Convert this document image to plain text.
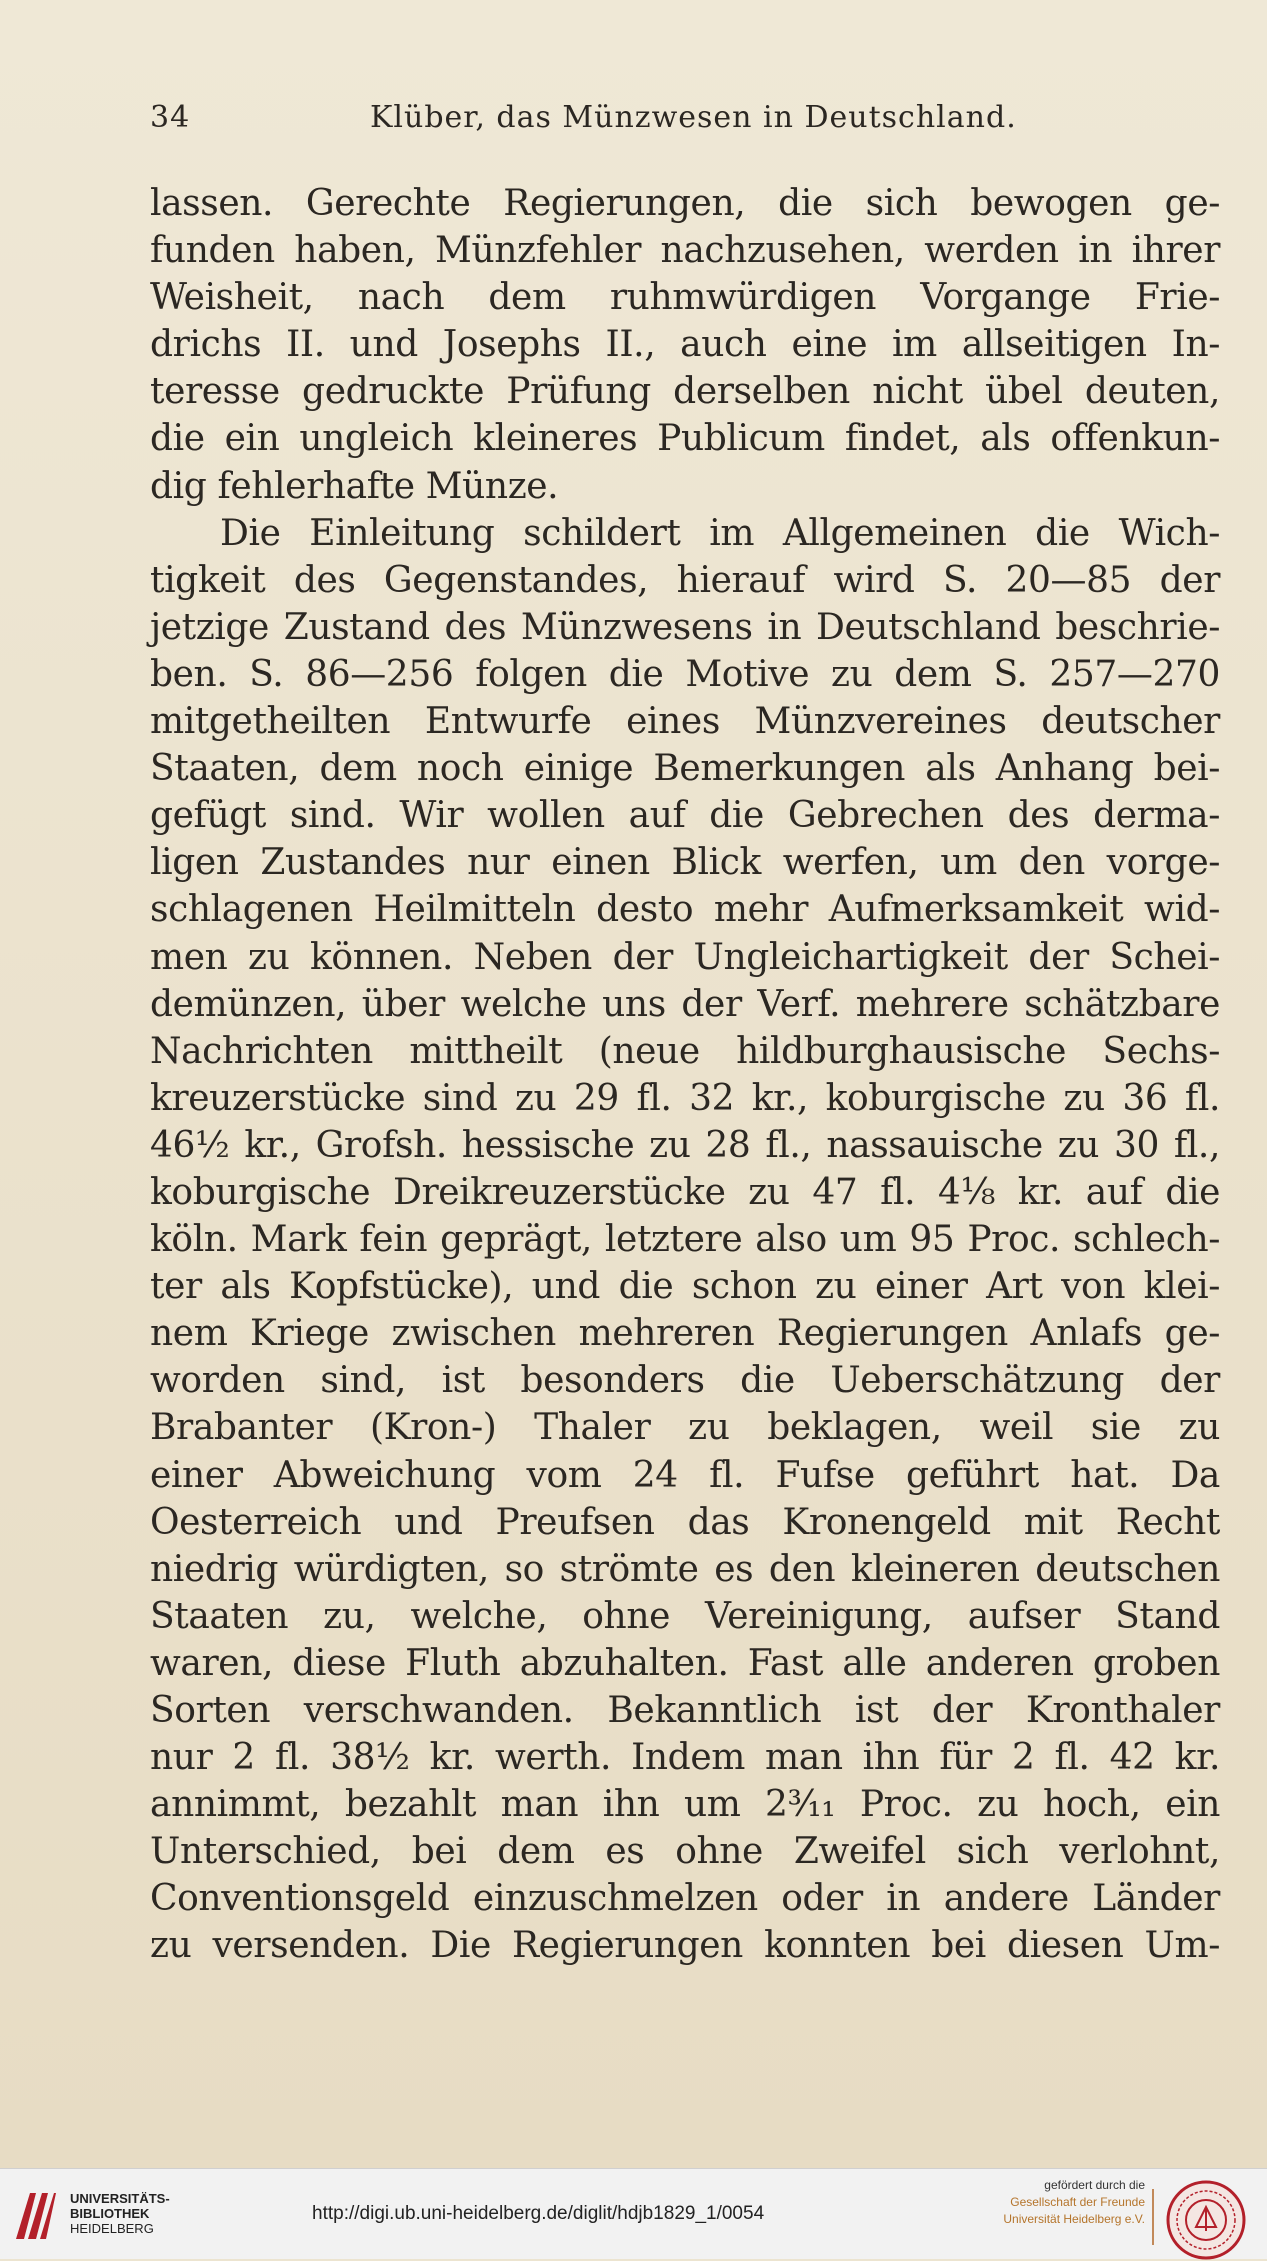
34	Klüber, das Münzwesen in Deutschland.
lassen. Gerechte Regierungen, die sich bewogen ge-
funden haben, Münzfehler nachzusehen, werden in ihrer
Weisheit, nach dem ruhmwürdigen Vorgange Frie-
drichs II. und Josephs II., auch eine im allseitigen In-
teresse gedruckte Prüfung derselben nicht übel deuten,
die ein ungleich kleineres Publicum findet, als offenkun-
dig fehlerhafte Münze.
Die Einleitung schildert im Allgemeinen die Wich-
tigkeit des Gegenstandes, hierauf wird S. 20—85 der
jetzige Zustand des Münzwesens in Deutschland beschrie-
ben. S. 86—256 folgen die Motive zu dem S. 257—270
mitgetheilten Entwurfe eines Münzvereines deutscher
Staaten, dem noch einige Bemerkungen als Anhang bei-
gefügt sind. Wir wollen auf die Gebrechen des derma-
ligen Zustandes nur einen Blick werfen, um den vorge-
schlagenen Heilmitteln desto mehr Aufmerksamkeit wid-
men zu können. Neben der Ungleichartigkeit der Schei-
demünzen, über welche uns der Verf. mehrere schätzbare
Nachrichten mittheilt (neue hildburghausische Sechs-
kreuzerstücke sind zu 29 fl. 32 kr., koburgische zu 36 fl.
46½ kr., Grofsh. hessische zu 28 fl., nassauische zu 30 fl.,
koburgische Dreikreuzerstücke zu 47 fl. 4⅛ kr. auf die
köln. Mark fein geprägt, letztere also um 95 Proc. schlech-
ter als Kopfstücke), und die schon zu einer Art von klei-
nem Kriege zwischen mehreren Regierungen Anlafs ge-
worden sind, ist besonders die Ueberschätzung der
Brabanter (Kron-) Thaler zu beklagen, weil sie zu
einer Abweichung vom 24 fl. Fufse geführt hat. Da
Oesterreich und Preufsen das Kronengeld mit Recht
niedrig würdigten, so strömte es den kleineren deutschen
Staaten zu, welche, ohne Vereinigung, aufser Stand
waren, diese Fluth abzuhalten. Fast alle anderen groben
Sorten verschwanden. Bekanntlich ist der Kronthaler
nur 2 fl. 38½ kr. werth. Indem man ihn für 2 fl. 42 kr.
annimmt, bezahlt man ihn um 2³⁄₁₁ Proc. zu hoch, ein
Unterschied, bei dem es ohne Zweifel sich verlohnt,
Conventionsgeld einzuschmelzen oder in andere Länder
zu versenden. Die Regierungen konnten bei diesen Um-
UNIVERSITÄTS-
BIBLIOTHEK
HEIDELBERG
http://digi.ub.uni-heidelberg.de/diglit/hdjb1829_1/0054
gefördert durch die
Gesellschaft der Freunde
Universität Heidelberg e.V.
